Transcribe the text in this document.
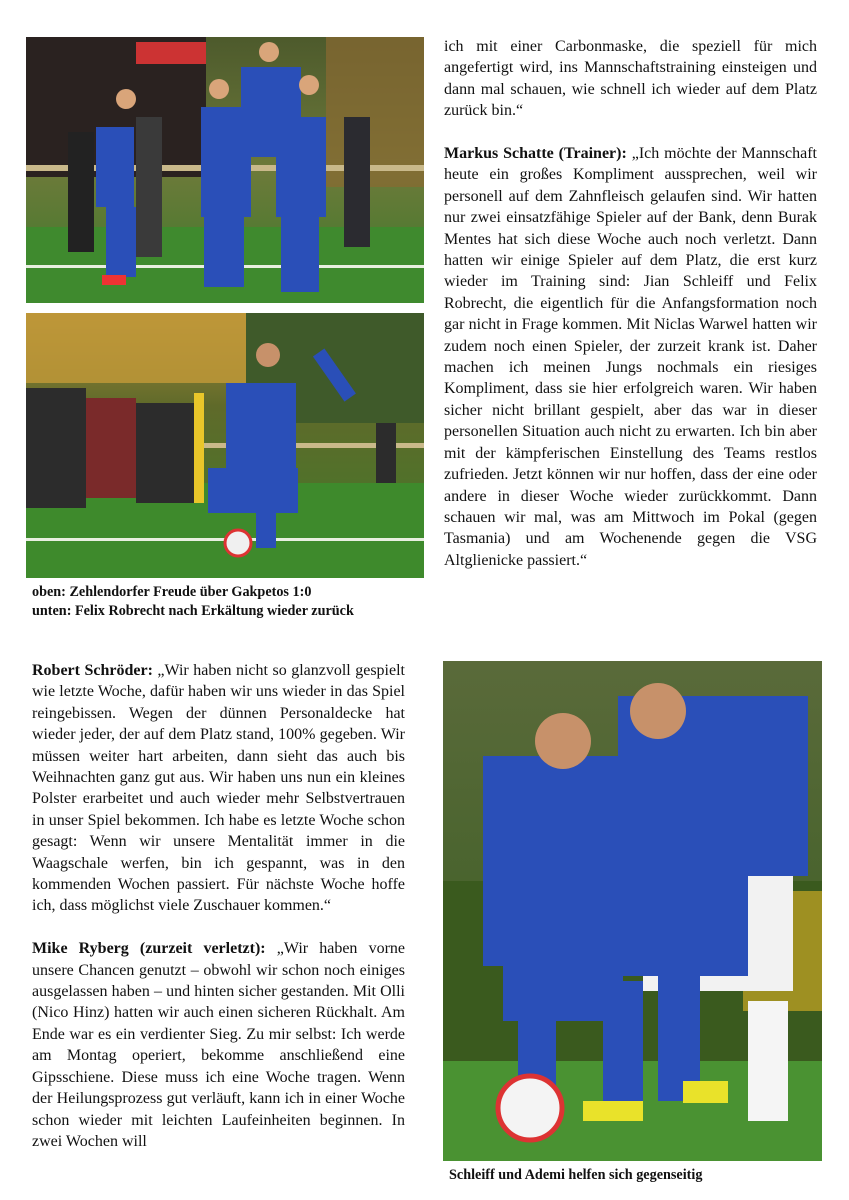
oben: Zehlendorfer Freude über Gakpetos 1:0
unten: Felix Robrecht nach Erkältung wieder zurück

ich mit einer Carbonmaske, die speziell für mich angefertigt wird, ins Mannschaftstraining einsteigen und dann mal schauen, wie schnell ich wieder auf dem Platz zurück bin.“

Markus Schatte (Trainer): „Ich möchte der Mannschaft heute ein großes Kompliment aussprechen, weil wir personell auf dem Zahnfleisch gelaufen sind. Wir hatten nur zwei einsatzfähige Spieler auf der Bank, denn Burak Mentes hat sich diese Woche auch noch verletzt. Dann hatten wir einige Spieler auf dem Platz, die erst kurz wieder im Training sind: Jian Schleiff und Felix Robrecht, die eigentlich für die Anfangsformation noch gar nicht in Frage kommen. Mit Niclas Warwel hatten wir zudem noch einen Spieler, der zurzeit krank ist. Daher machen ich meinen Jungs nochmals ein riesiges Kompliment, dass sie hier erfolgreich waren. Wir haben sicher nicht brillant gespielt, aber das war in dieser personellen Situation auch nicht zu erwarten. Ich bin aber mit der kämpferischen Einstellung des Teams restlos zufrieden. Jetzt können wir nur hoffen, dass der eine oder andere in dieser Woche wieder zurückkommt. Dann schauen wir mal, was am Mittwoch im Pokal (gegen Tasmania) und am Wochenende gegen die VSG Altglienicke passiert.“

Robert Schröder: „Wir haben nicht so glanzvoll gespielt wie letzte Woche, dafür haben wir uns wieder in das Spiel reingebissen. Wegen der dünnen Personaldecke hat wieder jeder, der auf dem Platz stand, 100% gegeben. Wir müssen weiter hart arbeiten, dann sieht das auch bis Weihnachten ganz gut aus. Wir haben uns nun ein kleines Polster erarbeitet und auch wieder mehr Selbstvertrauen in unser Spiel bekommen. Ich habe es letzte Woche schon gesagt: Wenn wir unsere Mentalität immer in die Waagschale werfen, bin ich gespannt, was in den kommenden Wochen passiert. Für nächste Woche hoffe ich, dass möglichst viele Zuschauer kommen.“

Mike Ryberg (zurzeit verletzt): „Wir haben vorne unsere Chancen genutzt – obwohl wir schon noch einiges ausgelassen haben – und hinten sicher gestanden. Mit Olli (Nico Hinz) hatten wir auch einen sicheren Rückhalt. Am Ende war es ein verdienter Sieg. Zu mir selbst: Ich werde am Montag operiert, bekomme anschließend eine Gipsschiene. Diese muss ich eine Woche tragen. Wenn der Heilungsprozess gut verläuft, kann ich in einer Woche schon wieder mit leichten Laufeinheiten beginnen. In zwei Wochen will

Schleiff und Ademi helfen sich gegenseitig
